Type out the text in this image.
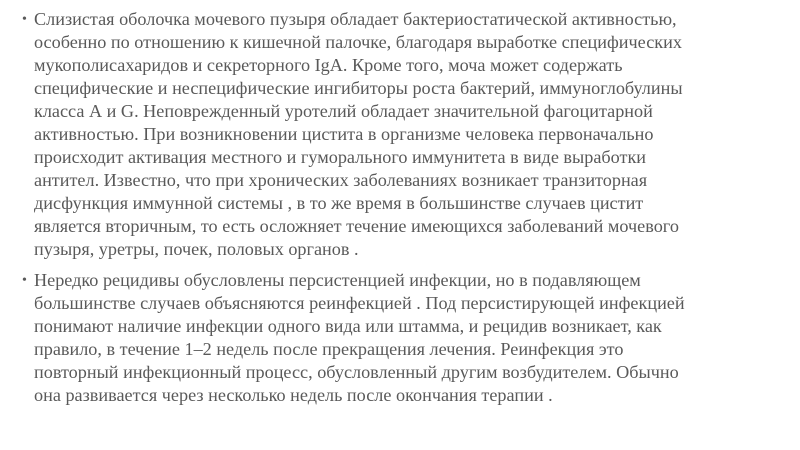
• Слизистая оболочка мочевого пузыря обладает бактериостатической активностью,
особенно по отношению к кишечной палочке, благодаря выработке специфических
мукополисахаридов и секреторного IgA. Кроме того, моча может содержать
специфические и неспецифические ингибиторы роста бактерий, иммуноглобулины
класса А и G. Неповрежденный уротелий обладает значительной фагоцитарной
активностью. При возникновении цистита в организме человека первоначально
происходит активация местного и гуморального иммунитета в виде выработки
антител. Известно, что при хронических заболеваниях возникает транзиторная
дисфункция иммунной системы , в то же время в большинстве случаев цистит
является вторичным, то есть осложняет течение имеющихся заболеваний мочевого
пузыря, уретры, почек, половых органов .
• Нередко рецидивы обусловлены персистенцией инфекции, но в подавляющем
большинстве случаев объясняются реинфекцией . Под персистирующей инфекцией
понимают наличие инфекции одного вида или штамма, и рецидив возникает, как
правило, в течение 1–2 недель после прекращения лечения. Реинфекция это
повторный инфекционный процесс, обусловленный другим возбудителем. Обычно
она развивается через несколько недель после окончания терапии .
